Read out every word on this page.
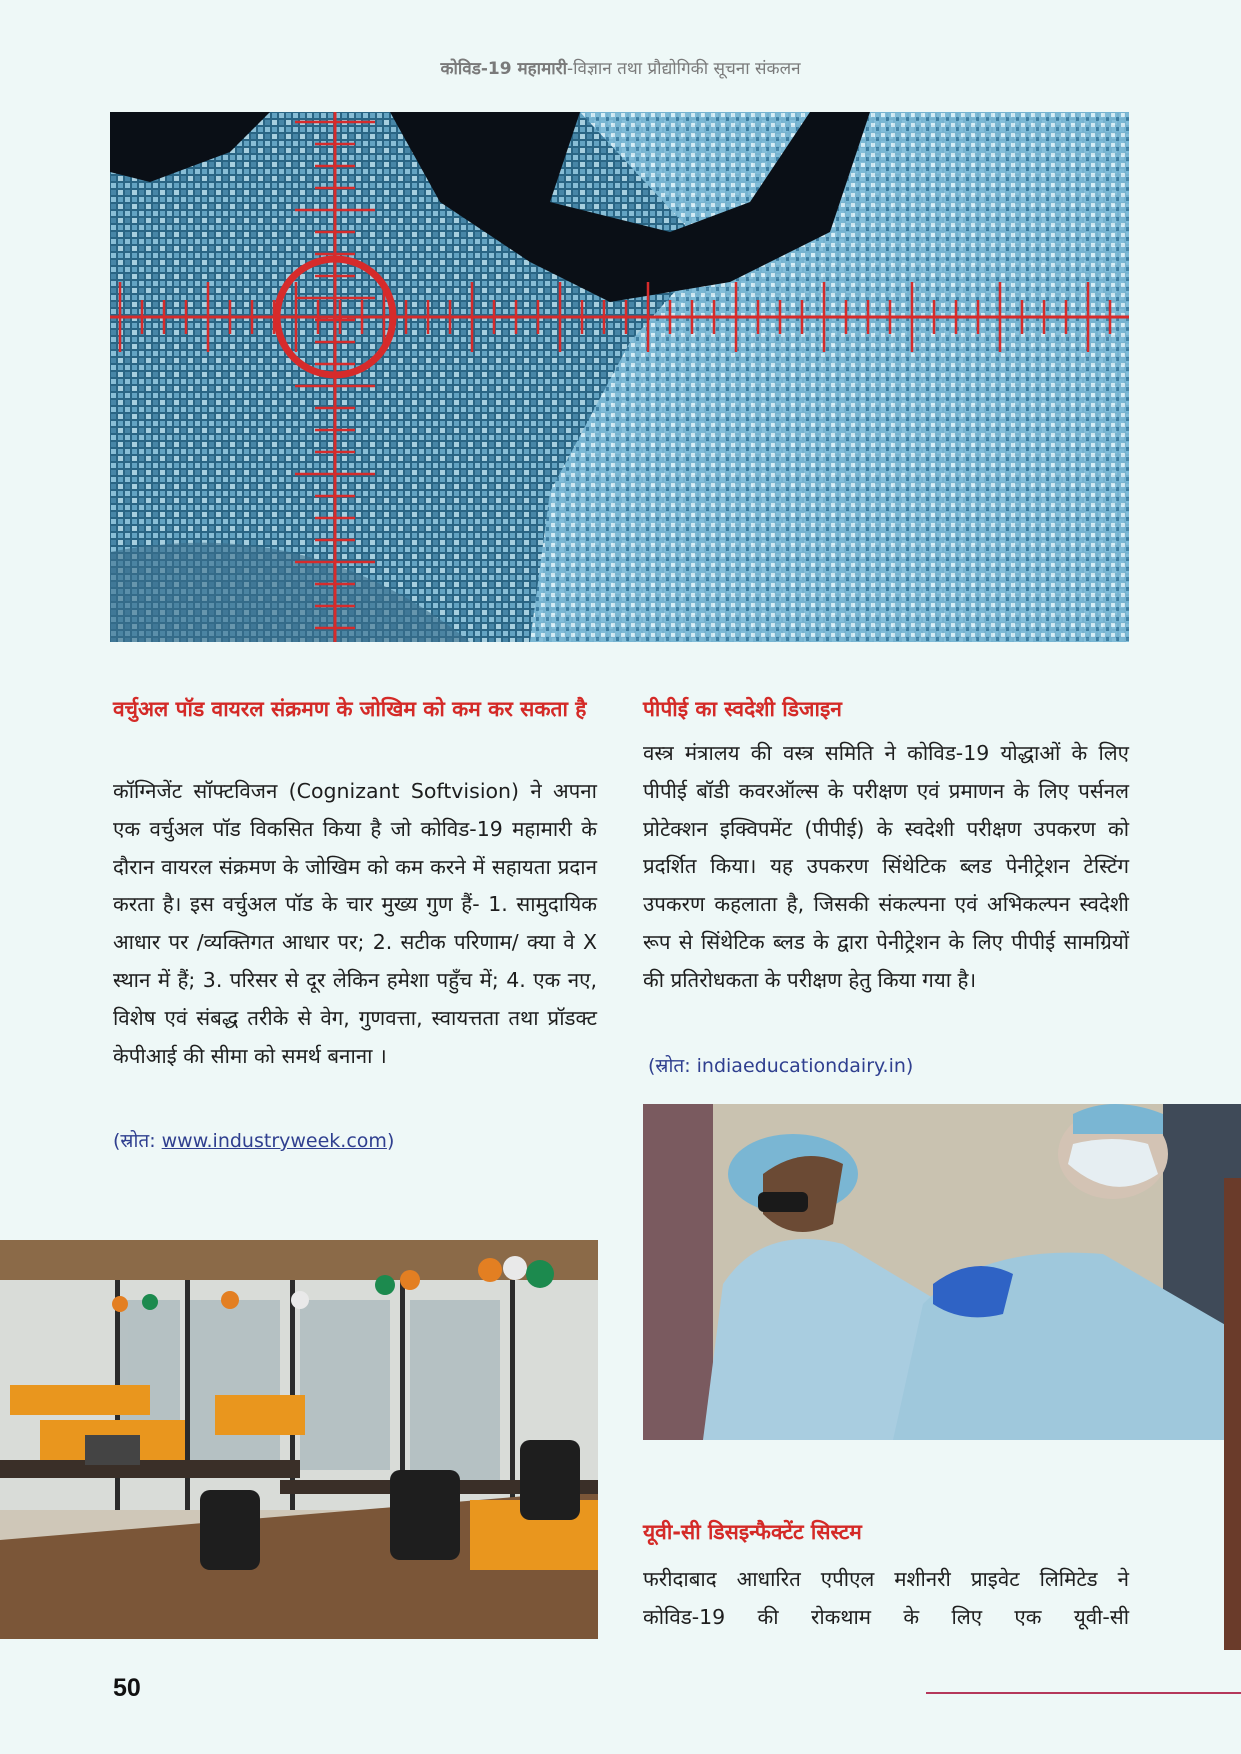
कोविड-19 महामारी-विज्ञान तथा प्रौद्योगिकी सूचना संकलन
वर्चुअल पॉड वायरल संक्रमण के जोखिम को कम कर सकता है

कॉग्निजेंट सॉफ्टविजन (Cognizant Softvision) ने अपना एक वर्चुअल पॉड विकसित किया है जो कोविड-19 महामारी के दौरान वायरल संक्रमण के जोखिम को कम करने में सहायता प्रदान करता है। इस वर्चुअल पॉड के चार मुख्य गुण हैं- 1. सामुदायिक आधार पर /व्यक्तिगत आधार पर; 2. सटीक परिणाम/ क्या वे X स्थान में हैं; 3. परिसर से दूर लेकिन हमेशा पहुँच में; 4. एक नए, विशेष एवं संबद्ध तरीके से वेग, गुणवत्ता, स्वायत्तता तथा प्रॉडक्ट केपीआई की सीमा को समर्थ बनाना ।

(स्रोत: www.industryweek.com)

पीपीई का स्वदेशी डिजाइन

वस्त्र मंत्रालय की वस्त्र समिति ने कोविड-19 योद्धाओं के लिए पीपीई बॉडी कवरऑल्स के परीक्षण एवं प्रमाणन के लिए पर्सनल प्रोटेक्शन इक्विपमेंट (पीपीई) के स्वदेशी परीक्षण उपकरण को प्रदर्शित किया। यह उपकरण सिंथेटिक ब्लड पेनीट्रेशन टेस्टिंग उपकरण कहलाता है, जिसकी संकल्पना एवं अभिकल्पन स्वदेशी रूप से सिंथेटिक ब्लड के द्वारा पेनीट्रेशन के लिए पीपीई सामग्रियों की प्रतिरोधकता के परीक्षण हेतु किया गया है।

(स्रोत: indiaeducationdairy.in)

यूवी-सी डिसइन्फैक्टेंट सिस्टम

फरीदाबाद आधारित एपीएल मशीनरी प्राइवेट लिमिटेड ने कोविड-19 की रोकथाम के लिए एक यूवी-सी

50
